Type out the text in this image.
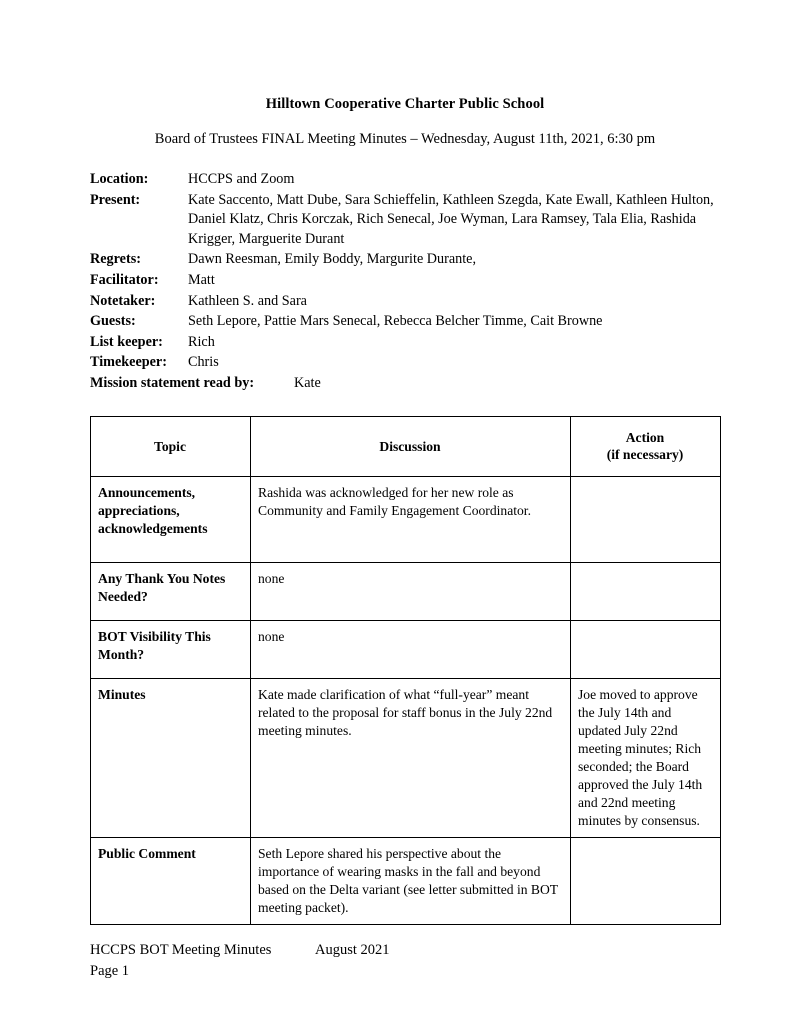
Hilltown Cooperative Charter Public School
Board of Trustees FINAL Meeting Minutes – Wednesday, August 11th, 2021, 6:30 pm
Location:	HCCPS and Zoom
Present:	Kate Saccento, Matt Dube, Sara Schieffelin, Kathleen Szegda, Kate Ewall, Kathleen Hulton, Daniel Klatz, Chris Korczak, Rich Senecal, Joe Wyman, Lara Ramsey, Tala Elia, Rashida Krigger, Marguerite Durant
Regrets:	Dawn Reesman, Emily Boddy, Margurite Durante,
Facilitator:	Matt
Notetaker:	Kathleen S. and Sara
Guests:	Seth Lepore, Pattie Mars Senecal, Rebecca Belcher Timme, Cait Browne
List keeper:	Rich
Timekeeper:	Chris
Mission statement read by:	Kate
Topic	Discussion	Action
(if necessary)

Announcements, appreciations, acknowledgements	Rashida was acknowledged for her new role as Community and Family Engagement Coordinator.	
Any Thank You Notes Needed?	none	
BOT Visibility This Month?	none	
Minutes	Kate made clarification of what “full-year” meant related to the proposal for staff bonus in the July 22nd meeting minutes.	Joe moved to approve the July 14th and updated July 22nd meeting minutes; Rich seconded; the Board approved the July 14th and 22nd meeting minutes by consensus.
Public Comment	Seth Lepore shared his perspective about the importance of wearing masks in the fall and beyond based on the Delta variant (see letter submitted in BOT meeting packet).	
HCCPS BOT Meeting Minutes	August 2021
Page 1
